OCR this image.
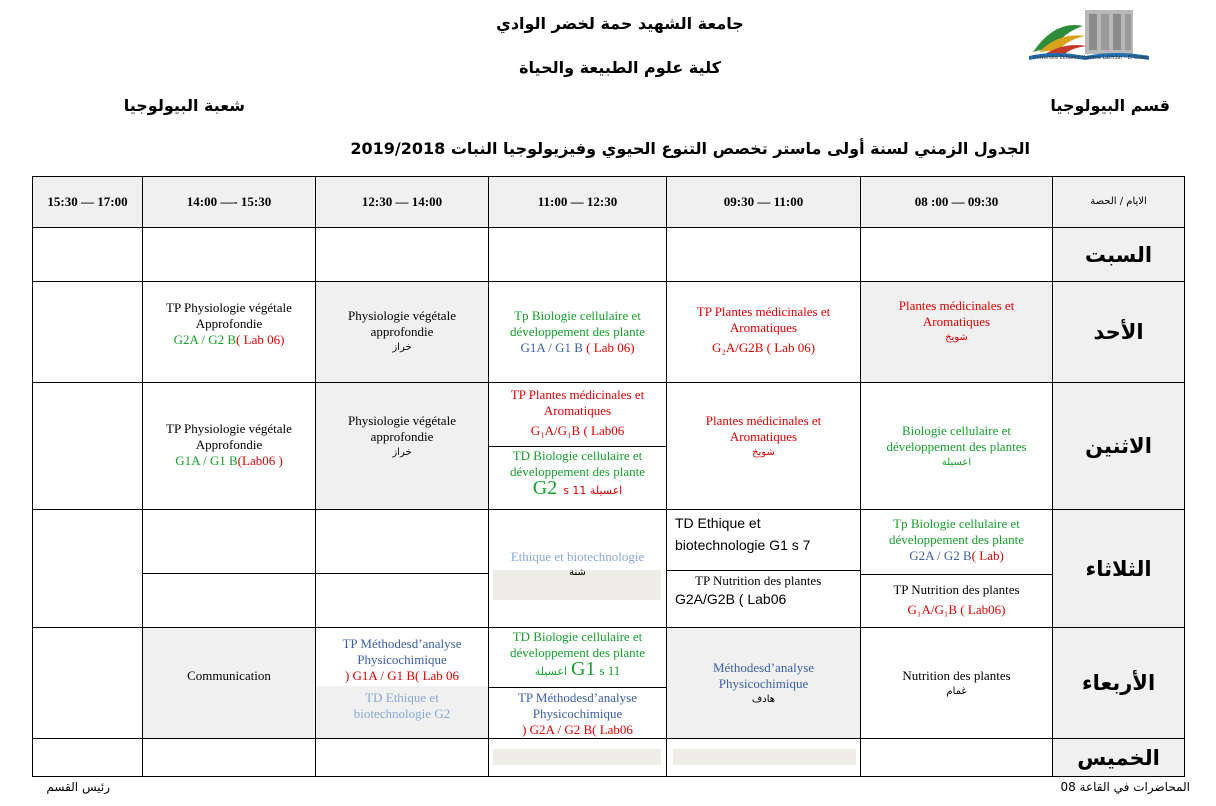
جامعة الشهيد حمة لخضر الوادي
كلية علوم الطبيعة والحياة
قسم البيولوجيا
شعبة البيولوجيا
الجدول الزمني لسنة أولى ماستر تخصص التنوع الحيوي وفيزيولوجيا النبات 2019/2018
Université Echahid Hamma Lakhdar - El Oued
الايام / الحصة
08 :00 — 09:30
09:30 — 11:00
11:00 — 12:30
12:30 — 14:00
14:00 —- 15:30
15:30 — 17:00
السبت
الأحد
الاثنين
الثلاثاء
الأربعاء
الخميس
Plantes médicinales et
Aromatiques
شويخ
TP Plantes médicinales et
Aromatiques
G₂A/G2B ( Lab 06)
Tp Biologie cellulaire et
développement des plante
G1A / G1 B ( Lab 06)
Physiologie végétale
approfondie
خراز
TP Physiologie végétale
Approfondie
G2A / G2 B( Lab 06)
Biologie cellulaire et
développement des plantes
اعسيلة
Plantes médicinales et
Aromatiques
شويخ
TP Plantes médicinales et
Aromatiques
G₁A/G₁B ( Lab06
TD Biologie cellulaire et
développement des plante
G2 اعسيلة s 11
Physiologie végétale
approfondie
خراز
TP Physiologie végétale
Approfondie
G1A / G1 B(Lab06 )
Tp Biologie cellulaire et
développement des plante
G2A / G2 B( Lab)
TP Nutrition des plantes
G₁A/G₁B ( Lab06)
TD Ethique et
biotechnologie G1 s 7
TP Nutrition des plantes
G2A/G2B ( Lab06
Ethique et biotechnologie
شنة
Nutrition des plantes
غمام
Méthodesd’analyse
Physicochimique
هادف
TD Biologie cellulaire et
développement des plante
اعسيلة G1 s 11
TP Méthodesd’analyse
Physicochimique
) G2A / G2 B( Lab06
TP Méthodesd’analyse
Physicochimique
) G1A / G1 B( Lab 06
TD Ethique et
biotechnologie G2
Communication
رئيس القسم	المحاضرات في القاعة 08
